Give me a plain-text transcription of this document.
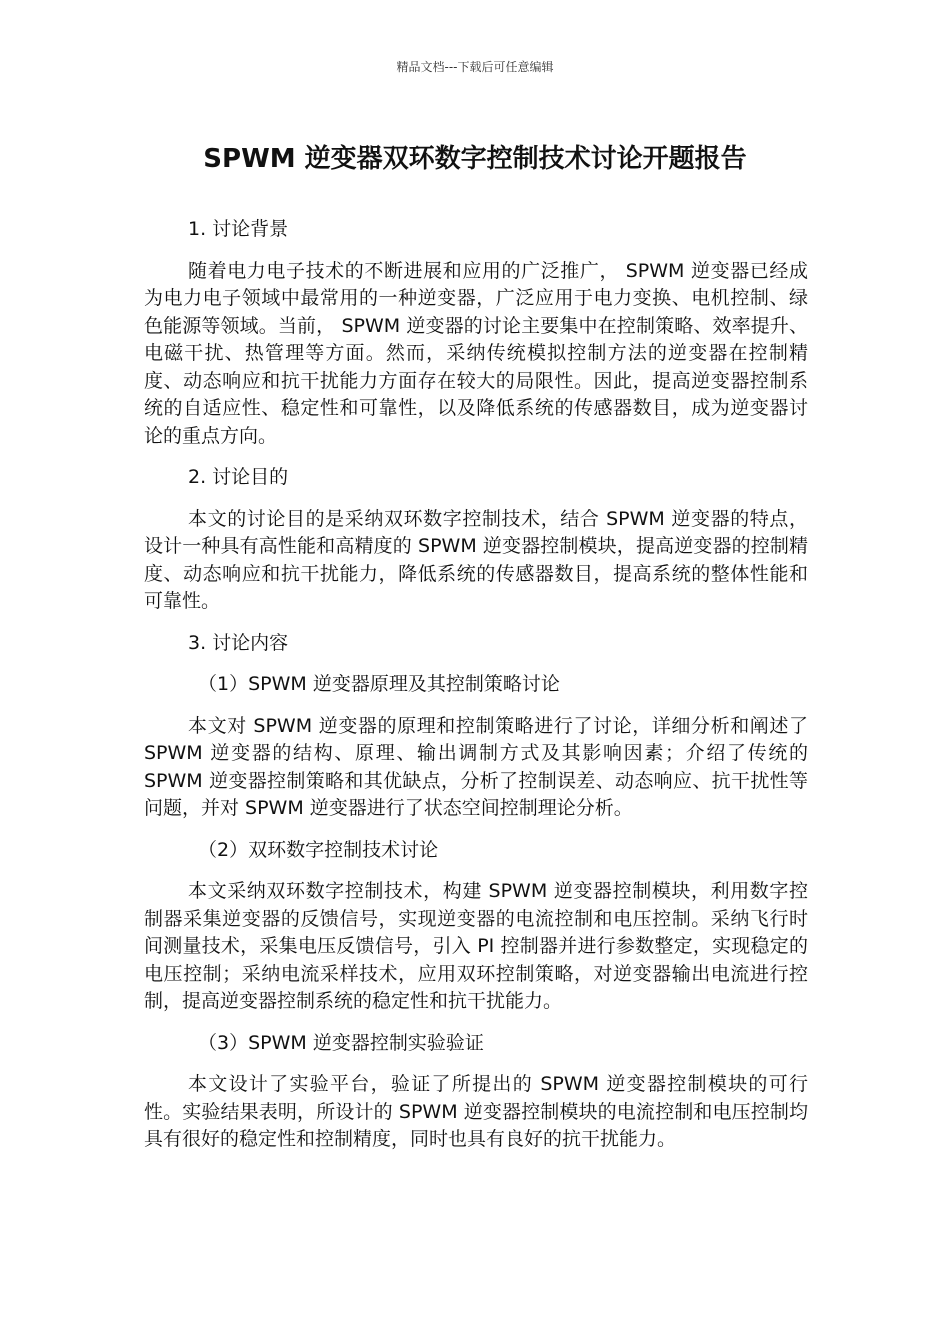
精品文档---下载后可任意编辑
SPWM 逆变器双环数字控制技术讨论开题报告

1. 讨论背景

随着电力电子技术的不断进展和应用的广泛推广， SPWM 逆变器已经成为电力电子领域中最常用的一种逆变器，广泛应用于电力变换、电机控制、绿色能源等领域。当前， SPWM 逆变器的讨论主要集中在控制策略、效率提升、电磁干扰、热管理等方面。然而，采纳传统模拟控制方法的逆变器在控制精度、动态响应和抗干扰能力方面存在较大的局限性。因此，提高逆变器控制系统的自适应性、稳定性和可靠性，以及降低系统的传感器数目，成为逆变器讨论的重点方向。

2. 讨论目的

本文的讨论目的是采纳双环数字控制技术，结合 SPWM 逆变器的特点，设计一种具有高性能和高精度的 SPWM 逆变器控制模块，提高逆变器的控制精度、动态响应和抗干扰能力，降低系统的传感器数目，提高系统的整体性能和可靠性。

3. 讨论内容

（1）SPWM 逆变器原理及其控制策略讨论

本文对 SPWM 逆变器的原理和控制策略进行了讨论，详细分析和阐述了 SPWM 逆变器的结构、原理、输出调制方式及其影响因素；介绍了传统的 SPWM 逆变器控制策略和其优缺点，分析了控制误差、动态响应、抗干扰性等问题，并对 SPWM 逆变器进行了状态空间控制理论分析。

（2）双环数字控制技术讨论

本文采纳双环数字控制技术，构建 SPWM 逆变器控制模块，利用数字控制器采集逆变器的反馈信号，实现逆变器的电流控制和电压控制。采纳飞行时间测量技术，采集电压反馈信号，引入 PI 控制器并进行参数整定，实现稳定的电压控制；采纳电流采样技术，应用双环控制策略，对逆变器输出电流进行控制，提高逆变器控制系统的稳定性和抗干扰能力。

（3）SPWM 逆变器控制实验验证

本文设计了实验平台，验证了所提出的 SPWM 逆变器控制模块的可行性。实验结果表明，所设计的 SPWM 逆变器控制模块的电流控制和电压控制均具有很好的稳定性和控制精度，同时也具有良好的抗干扰能力。
